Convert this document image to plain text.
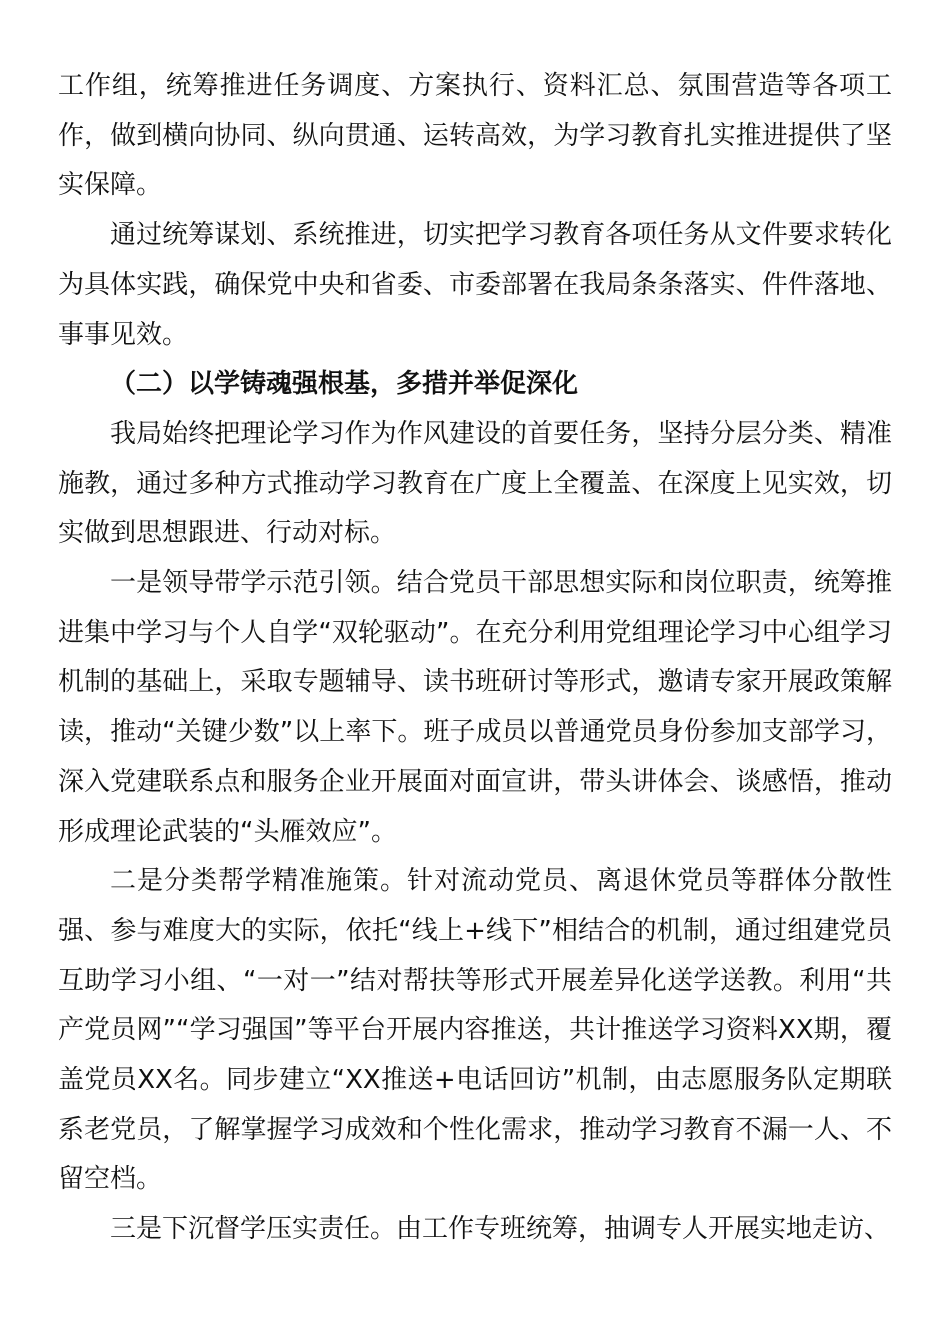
工作组，统筹推进任务调度、方案执行、资料汇总、氛围营造等各项工作，做到横向协同、纵向贯通、运转高效，为学习教育扎实推进提供了坚实保障。

通过统筹谋划、系统推进，切实把学习教育各项任务从文件要求转化为具体实践，确保党中央和省委、市委部署在我局条条落实、件件落地、事事见效。

（二）以学铸魂强根基，多措并举促深化

我局始终把理论学习作为作风建设的首要任务，坚持分层分类、精准施教，通过多种方式推动学习教育在广度上全覆盖、在深度上见实效，切实做到思想跟进、行动对标。

一是领导带学示范引领。结合党员干部思想实际和岗位职责，统筹推进集中学习与个人自学“双轮驱动”。在充分利用党组理论学习中心组学习机制的基础上，采取专题辅导、读书班研讨等形式，邀请专家开展政策解读，推动“关键少数”以上率下。班子成员以普通党员身份参加支部学习，深入党建联系点和服务企业开展面对面宣讲，带头讲体会、谈感悟，推动形成理论武装的“头雁效应”。

二是分类帮学精准施策。针对流动党员、离退休党员等群体分散性强、参与难度大的实际，依托“线上+线下”相结合的机制，通过组建党员互助学习小组、“一对一”结对帮扶等形式开展差异化送学送教。利用“共产党员网”“学习强国”等平台开展内容推送，共计推送学习资料XX期，覆盖党员XX名。同步建立“XX推送+电话回访”机制，由志愿服务队定期联系老党员，了解掌握学习成效和个性化需求，推动学习教育不漏一人、不留空档。

三是下沉督学压实责任。由工作专班统筹，抽调专人开展实地走访、
